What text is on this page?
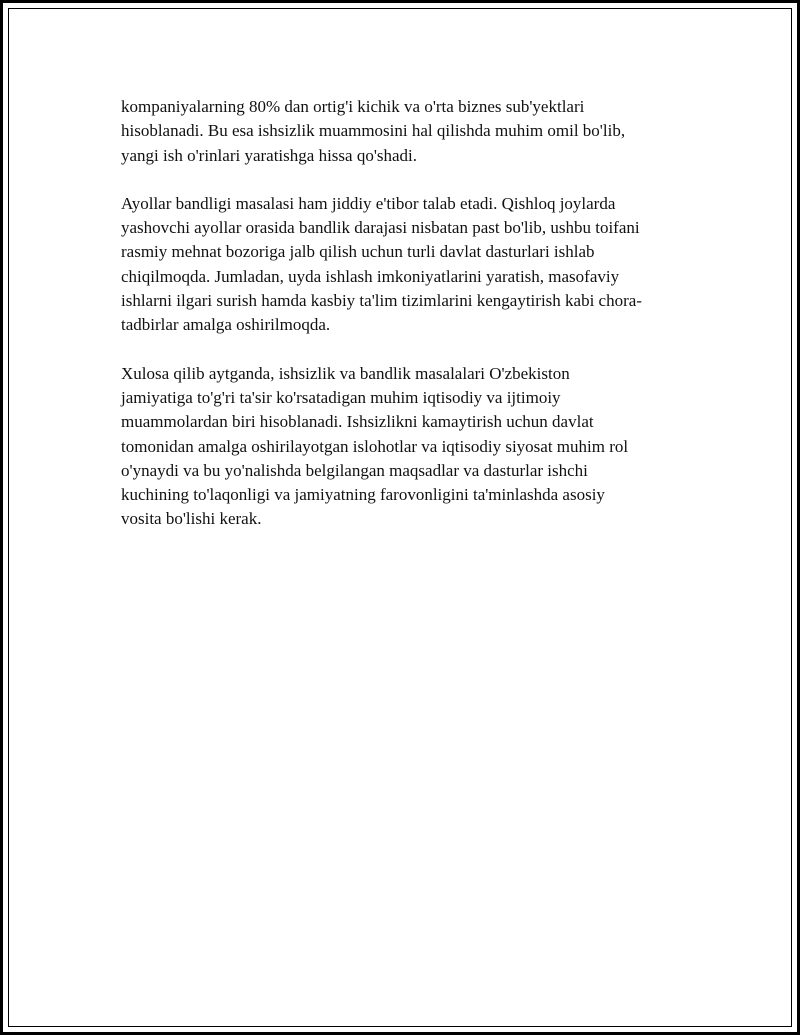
kompaniyalarning 80% dan ortig'i kichik va o'rta biznes sub'yektlari
hisoblanadi. Bu esa ishsizlik muammosini hal qilishda muhim omil bo'lib,
yangi ish o'rinlari yaratishga hissa qo'shadi.

Ayollar bandligi masalasi ham jiddiy e'tibor talab etadi. Qishloq joylarda
yashovchi ayollar orasida bandlik darajasi nisbatan past bo'lib, ushbu toifani
rasmiy mehnat bozoriga jalb qilish uchun turli davlat dasturlari ishlab
chiqilmoqda. Jumladan, uyda ishlash imkoniyatlarini yaratish, masofaviy
ishlarni ilgari surish hamda kasbiy ta'lim tizimlarini kengaytirish kabi chora-
tadbirlar amalga oshirilmoqda.

Xulosa qilib aytganda, ishsizlik va bandlik masalalari O'zbekiston
jamiyatiga to'g'ri ta'sir ko'rsatadigan muhim iqtisodiy va ijtimoiy
muammolardan biri hisoblanadi. Ishsizlikni kamaytirish uchun davlat
tomonidan amalga oshirilayotgan islohotlar va iqtisodiy siyosat muhim rol
o'ynaydi va bu yo'nalishda belgilangan maqsadlar va dasturlar ishchi
kuchining to'laqonligi va jamiyatning farovonligini ta'minlashda asosiy
vosita bo'lishi kerak.
